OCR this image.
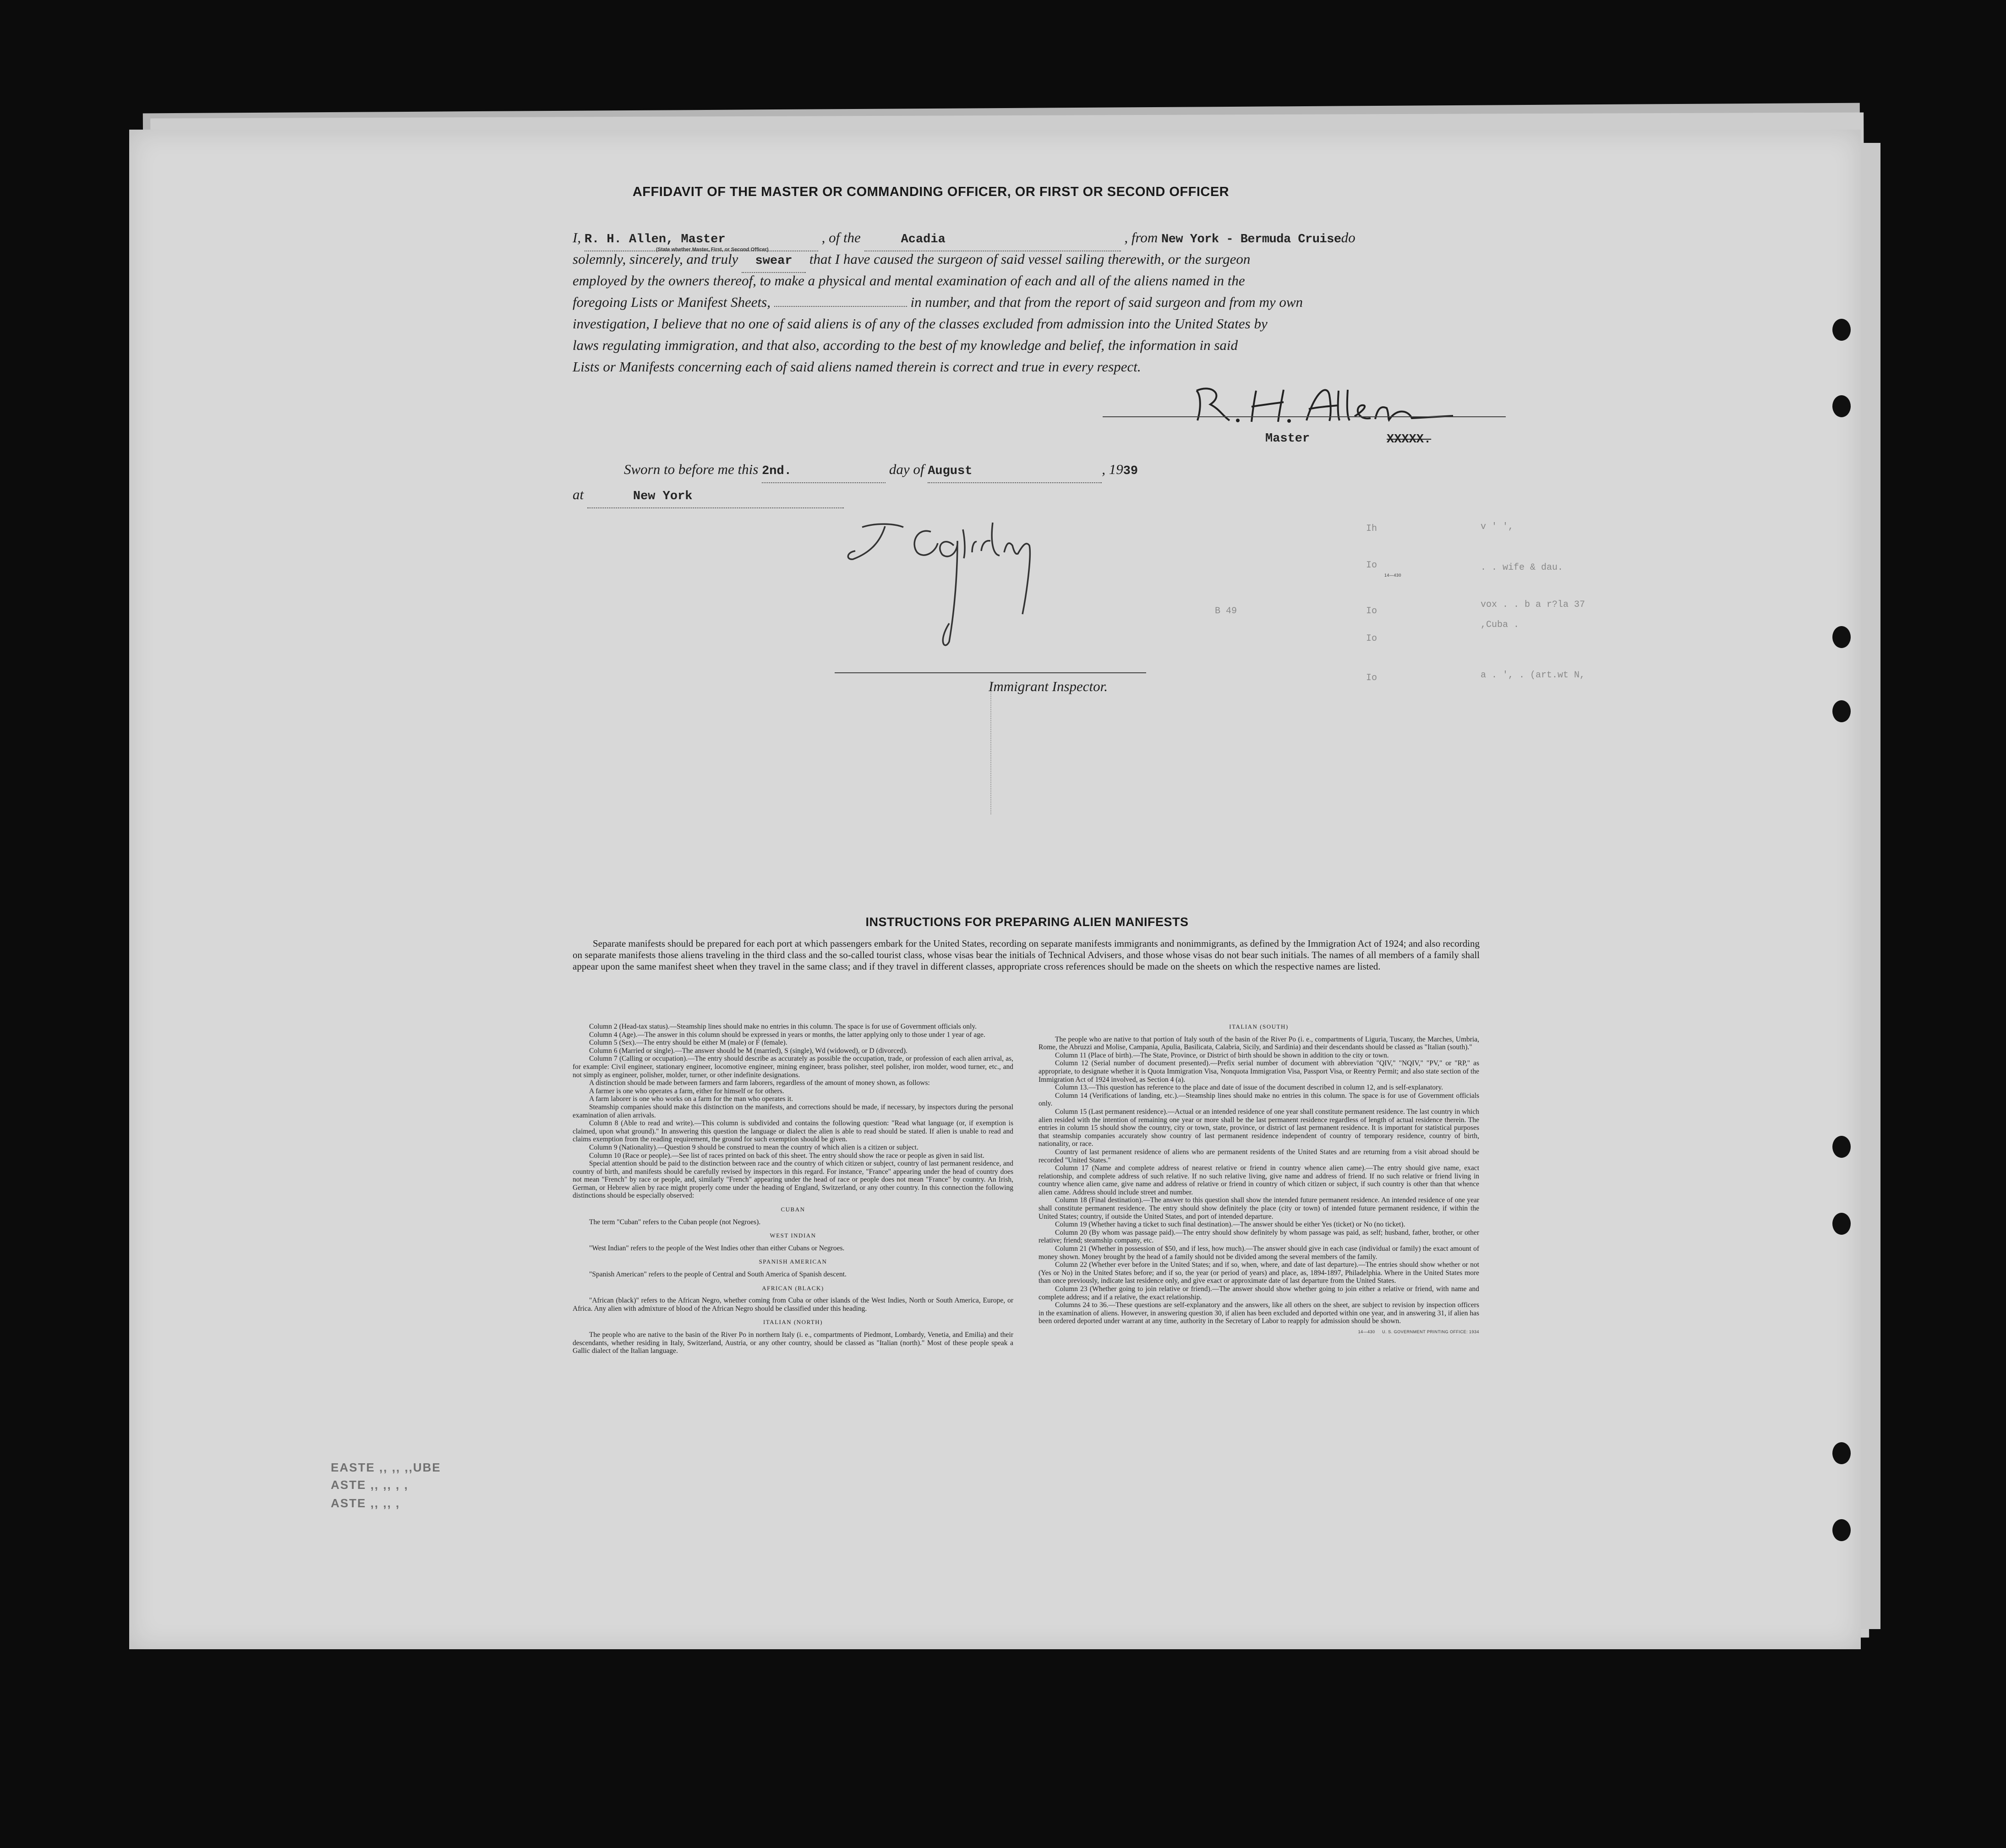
AFFIDAVIT OF THE MASTER OR COMMANDING OFFICER, OR FIRST OR SECOND OFFICER
I, R. H. Allen, Master	, of the	Acadia	, from New York - Bermuda Cruisedo
(State whether Master, First, or Second Officer)
solemnly, sincerely, and truly swear that I have caused the surgeon of said vessel sailing therewith, or the surgeon
employed by the owners thereof, to make a physical and mental examination of each and all of the aliens named in the
foregoing Lists or Manifest Sheets,	in number, and that from the report of said surgeon and from my own
investigation, I believe that no one of said aliens is of any of the classes excluded from admission into the United States by
laws regulating immigration, and that also, according to the best of my knowledge and belief, the information in said
Lists or Manifests concerning each of said aliens named therein is correct and true in every respect.
Master	XXXXX.
Sworn to before me this 2nd.	day of August	, 1939
at	New York
Immigrant Inspector.
v ' ',
. . wife & dau.
vox . . b a r?la 37
,Cuba .
a . ', . (art.wt N,
Ih
Io
Io
Io
Io
B 49
14—430
INSTRUCTIONS FOR PREPARING ALIEN MANIFESTS
Separate manifests should be prepared for each port at which passengers embark for the United States, recording on separate manifests immigrants and nonimmigrants, as defined by the Immigration Act of 1924; and also recording on separate manifests those aliens traveling in the third class and the so-called tourist class, whose visas bear the initials of Technical Advisers, and those whose visas do not bear such initials. The names of all members of a family shall appear upon the same manifest sheet when they travel in the same class; and if they travel in different classes, appropriate cross references should be made on the sheets on which the respective names are listed.

Column 2 (Head-tax status).—Steamship lines should make no entries in this column. The space is for use of Government officials only.

Column 4 (Age).—The answer in this column should be expressed in years or months, the latter applying only to those under 1 year of age.

Column 5 (Sex).—The entry should be either M (male) or F (female).

Column 6 (Married or single).—The answer should be M (married), S (single), Wd (widowed), or D (divorced).

Column 7 (Calling or occupation).—The entry should describe as accurately as possible the occupation, trade, or profession of each alien arrival, as, for example: Civil engineer, stationary engineer, locomotive engineer, mining engineer, brass polisher, steel polisher, iron molder, wood turner, etc., and not simply as engineer, polisher, molder, turner, or other indefinite designations.

A distinction should be made between farmers and farm laborers, regardless of the amount of money shown, as follows:

A farmer is one who operates a farm, either for himself or for others.

A farm laborer is one who works on a farm for the man who operates it.

Steamship companies should make this distinction on the manifests, and corrections should be made, if necessary, by inspectors during the personal examination of alien arrivals.

Column 8 (Able to read and write).—This column is subdivided and contains the following question: "Read what language (or, if exemption is claimed, upon what ground)." In answering this question the language or dialect the alien is able to read should be stated. If alien is unable to read and claims exemption from the reading requirement, the ground for such exemption should be given.

Column 9 (Nationality).—Question 9 should be construed to mean the country of which alien is a citizen or subject.

Column 10 (Race or people).—See list of races printed on back of this sheet. The entry should show the race or people as given in said list.

Special attention should be paid to the distinction between race and the country of which citizen or subject, country of last permanent residence, and country of birth, and manifests should be carefully revised by inspectors in this regard. For instance, "France" appearing under the head of country does not mean "French" by race or people, and, similarly "French" appearing under the head of race or people does not mean "France" by country. An Irish, German, or Hebrew alien by race might properly come under the heading of England, Switzerland, or any other country. In this connection the following distinctions should be especially observed:

CUBAN

The term "Cuban" refers to the Cuban people (not Negroes).

WEST INDIAN

"West Indian" refers to the people of the West Indies other than either Cubans or Negroes.

SPANISH AMERICAN

"Spanish American" refers to the people of Central and South America of Spanish descent.

AFRICAN (BLACK)

"African (black)" refers to the African Negro, whether coming from Cuba or other islands of the West Indies, North or South America, Europe, or Africa. Any alien with admixture of blood of the African Negro should be classified under this heading.

ITALIAN (NORTH)

The people who are native to the basin of the River Po in northern Italy (i. e., compartments of Piedmont, Lombardy, Venetia, and Emilia) and their descendants, whether residing in Italy, Switzerland, Austria, or any other country, should be classed as "Italian (north)." Most of these people speak a Gallic dialect of the Italian language.

ITALIAN (SOUTH)

The people who are native to that portion of Italy south of the basin of the River Po (i. e., compartments of Liguria, Tuscany, the Marches, Umbria, Rome, the Abruzzi and Molise, Campania, Apulia, Basilicata, Calabria, Sicily, and Sardinia) and their descendants should be classed as "Italian (south)."

Column 11 (Place of birth).—The State, Province, or District of birth should be shown in addition to the city or town.

Column 12 (Serial number of document presented).—Prefix serial number of document with abbreviation "QIV," "NQIV," "PV," or "RP," as appropriate, to designate whether it is Quota Immigration Visa, Nonquota Immigration Visa, Passport Visa, or Reentry Permit; and also state section of the Immigration Act of 1924 involved, as Section 4 (a).

Column 13.—This question has reference to the place and date of issue of the document described in column 12, and is self-explanatory.

Column 14 (Verifications of landing, etc.).—Steamship lines should make no entries in this column. The space is for use of Government officials only.

Column 15 (Last permanent residence).—Actual or an intended residence of one year shall constitute permanent residence. The last country in which alien resided with the intention of remaining one year or more shall be the last permanent residence regardless of length of actual residence therein. The entries in column 15 should show the country, city or town, state, province, or district of last permanent residence. It is important for statistical purposes that steamship companies accurately show country of last permanent residence independent of country of temporary residence, country of birth, nationality, or race.

Country of last permanent residence of aliens who are permanent residents of the United States and are returning from a visit abroad should be recorded "United States."

Column 17 (Name and complete address of nearest relative or friend in country whence alien came).—The entry should give name, exact relationship, and complete address of such relative. If no such relative living, give name and address of friend. If no such relative or friend living in country whence alien came, give name and address of relative or friend in country of which citizen or subject, if such country is other than that whence alien came. Address should include street and number.

Column 18 (Final destination).—The answer to this question shall show the intended future permanent residence. An intended residence of one year shall constitute permanent residence. The entry should show definitely the place (city or town) of intended future permanent residence, if within the United States; country, if outside the United States, and port of intended departure.

Column 19 (Whether having a ticket to such final destination).—The answer should be either Yes (ticket) or No (no ticket).

Column 20 (By whom was passage paid).—The entry should show definitely by whom passage was paid, as self; husband, father, brother, or other relative; friend; steamship company, etc.

Column 21 (Whether in possession of $50, and if less, how much).—The answer should give in each case (individual or family) the exact amount of money shown. Money brought by the head of a family should not be divided among the several members of the family.

Column 22 (Whether ever before in the United States; and if so, when, where, and date of last departure).—The entries should show whether or not (Yes or No) in the United States before; and if so, the year (or period of years) and place, as, 1894-1897, Philadelphia. Where in the United States more than once previously, indicate last residence only, and give exact or approximate date of last departure from the United States.

Column 23 (Whether going to join relative or friend).—The answer should show whether going to join either a relative or friend, with name and complete address; and if a relative, the exact relationship.

Columns 24 to 36.—These questions are self-explanatory and the answers, like all others on the sheet, are subject to revision by inspection officers in the examination of aliens. However, in answering question 30, if alien has been excluded and deported within one year, and in answering 31, if alien has been ordered deported under warrant at any time, authority in the Secretary of Labor to reapply for admission should be shown.

14—430 U. S. GOVERNMENT PRINTING OFFICE: 1934

EASTE ,, ,, ,,UBE
ASTE ,, ,, , ,
ASTE ,, ,, ,
